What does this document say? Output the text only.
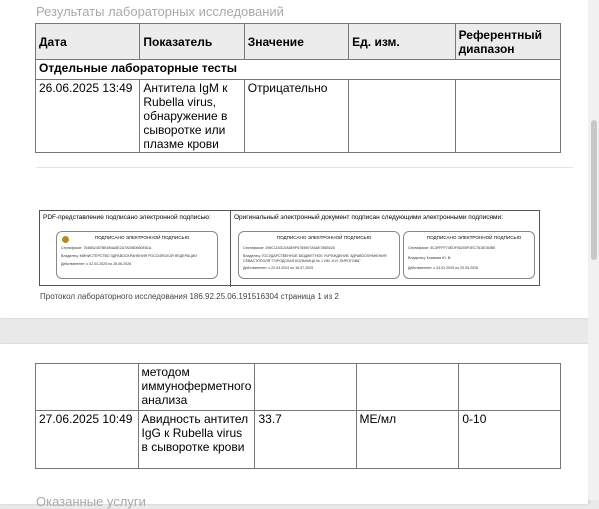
Результаты лабораторных исследований
Дата	Показатель	Значение	Ед. изм.	Референтный диапазон
Отдельные лабораторные тесты				
26.06.2025 13:49	Антитела IgM к Rubella virus, обнаружение в сыворотке или плазме крови	Отрицательно		
PDF-представление подписано электронной подписью:
ПОДПИСАНО ЭЛЕКТРОННОЙ ПОДПИСЬЮ

Сертификат: 7548B2457BE4B4A8E2A7A5360650E81A

Владелец: МИНИСТЕРСТВО ЗДРАВООХРАНЕНИЯ РОССИЙСКОЙ ФЕДЕРАЦИИ

Действителен: с 02.04.2025 по 26.06.2026

Оригинальный электронный документ подписан следующими электронными подписями:
ПОДПИСАНО ЭЛЕКТРОННОЙ ПОДПИСЬЮ

Сертификат: 295C1153C0A6E9F6765907A5AE786B020

Владелец: ГОСУДАРСТВЕННОЕ БЮДЖЕТНОЕ УЧРЕЖДЕНИЕ ЗДРАВООХРАНЕНИЯ СЕВАСТОПОЛЯ "ГОРОДСКАЯ БОЛЬНИЦА № 1 ИМ. Н.И. ПИРОГОВА"

Действителен: с 22.04.2024 по 16.07.2025

ПОДПИСАНО ЭЛЕКТРОННОЙ ПОДПИСЬЮ

Сертификат: 5C3FFFF74EDF06200F3EC7618C60BE

Владелец: Климова Ю. В.

Действителен: с 24.02.2025 по 20.05.2026

Протокол лабораторного исследования 186.92.25.06.191516304 страница 1 из 2
	методом иммуноферметного анализа			
27.06.2025 10:49	Авидность антител IgG к Rubella virus в сыворотке крови	33.7	МЕ/мл	0-10
Оказанные услуги
